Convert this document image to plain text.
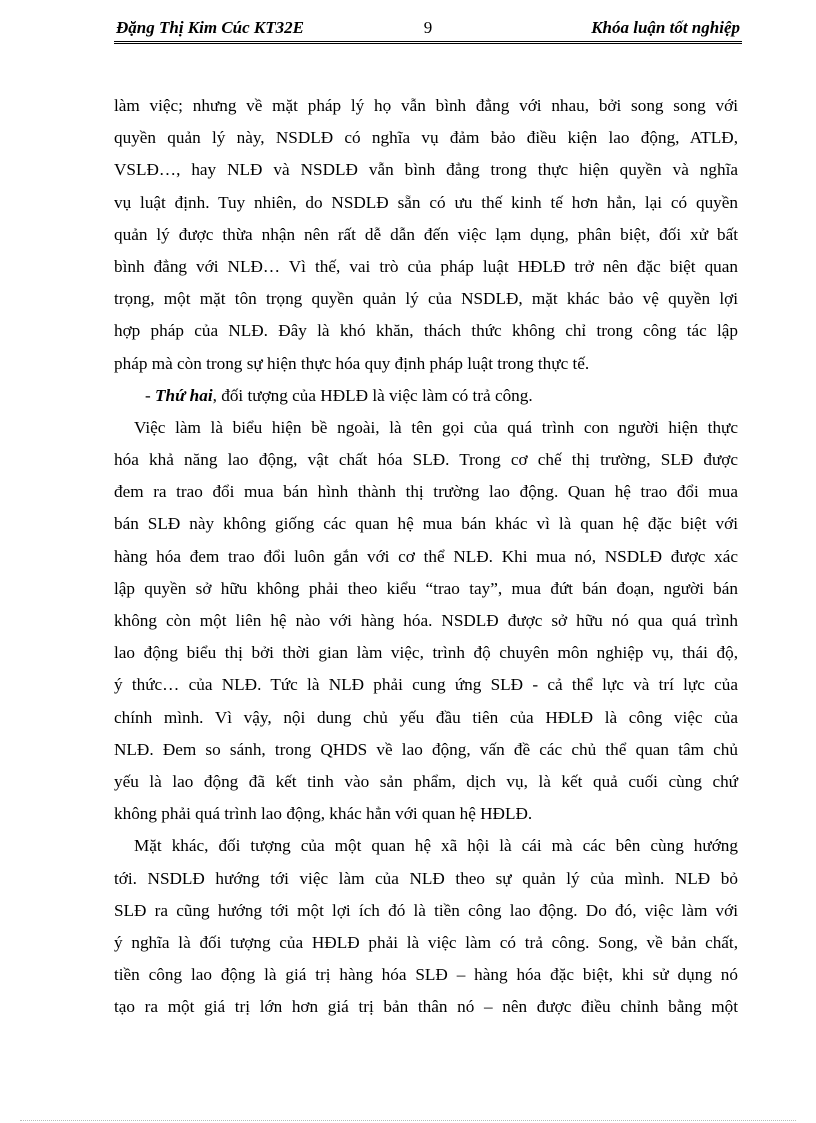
Đặng Thị Kim Cúc KT32E	9	Khóa luận tốt nghiệp
làm việc; nhưng về mặt pháp lý họ vẫn bình đẳng với nhau, bởi song song với
quyền quản lý này, NSDLĐ có nghĩa vụ đảm bảo điều kiện lao động, ATLĐ,
VSLĐ…, hay NLĐ và NSDLĐ vẫn bình đẳng trong thực hiện quyền và nghĩa
vụ luật định. Tuy nhiên, do NSDLĐ sẵn có ưu thế kinh tế hơn hẳn, lại có quyền
quản lý được thừa nhận nên rất dễ dẫn đến việc lạm dụng, phân biệt, đối xử bất
bình đẳng với NLĐ… Vì thế, vai trò của pháp luật HĐLĐ trở nên đặc biệt quan
trọng, một mặt tôn trọng quyền quản lý của NSDLĐ, mặt khác bảo vệ quyền lợi
hợp pháp của NLĐ. Đây là khó khăn, thách thức không chỉ trong công tác lập
pháp mà còn trong sự hiện thực hóa quy định pháp luật trong thực tế.
- Thứ hai, đối tượng của HĐLĐ là việc làm có trả công.
Việc làm là biểu hiện bề ngoài, là tên gọi của quá trình con người hiện thực
hóa khả năng lao động, vật chất hóa SLĐ. Trong cơ chế thị trường, SLĐ được
đem ra trao đổi mua bán hình thành thị trường lao động. Quan hệ trao đổi mua
bán SLĐ này không giống các quan hệ mua bán khác vì là quan hệ đặc biệt với
hàng hóa đem trao đổi luôn gắn với cơ thể NLĐ. Khi mua nó, NSDLĐ được xác
lập quyền sở hữu không phải theo kiểu “trao tay”, mua đứt bán đoạn, người bán
không còn một liên hệ nào với hàng hóa. NSDLĐ được sở hữu nó qua quá trình
lao động biểu thị bởi thời gian làm việc, trình độ chuyên môn nghiệp vụ, thái độ,
ý thức… của NLĐ. Tức là NLĐ phải cung ứng SLĐ - cả thể lực và trí lực của
chính mình. Vì vậy, nội dung chủ yếu đầu tiên của HĐLĐ là công việc của
NLĐ. Đem so sánh, trong QHDS về lao động, vấn đề các chủ thể quan tâm chủ
yếu là lao động đã kết tinh vào sản phẩm, dịch vụ, là kết quả cuối cùng chứ
không phải quá trình lao động, khác hẳn với quan hệ HĐLĐ.
Mặt khác, đối tượng của một quan hệ xã hội là cái mà các bên cùng hướng
tới. NSDLĐ hướng tới việc làm của NLĐ theo sự quản lý của mình. NLĐ bỏ
SLĐ ra cũng hướng tới một lợi ích đó là tiền công lao động. Do đó, việc làm với
ý nghĩa là đối tượng của HĐLĐ phải là việc làm có trả công. Song, về bản chất,
tiền công lao động là giá trị hàng hóa SLĐ – hàng hóa đặc biệt, khi sử dụng nó
tạo ra một giá trị lớn hơn giá trị bản thân nó – nên được điều chỉnh bằng một
